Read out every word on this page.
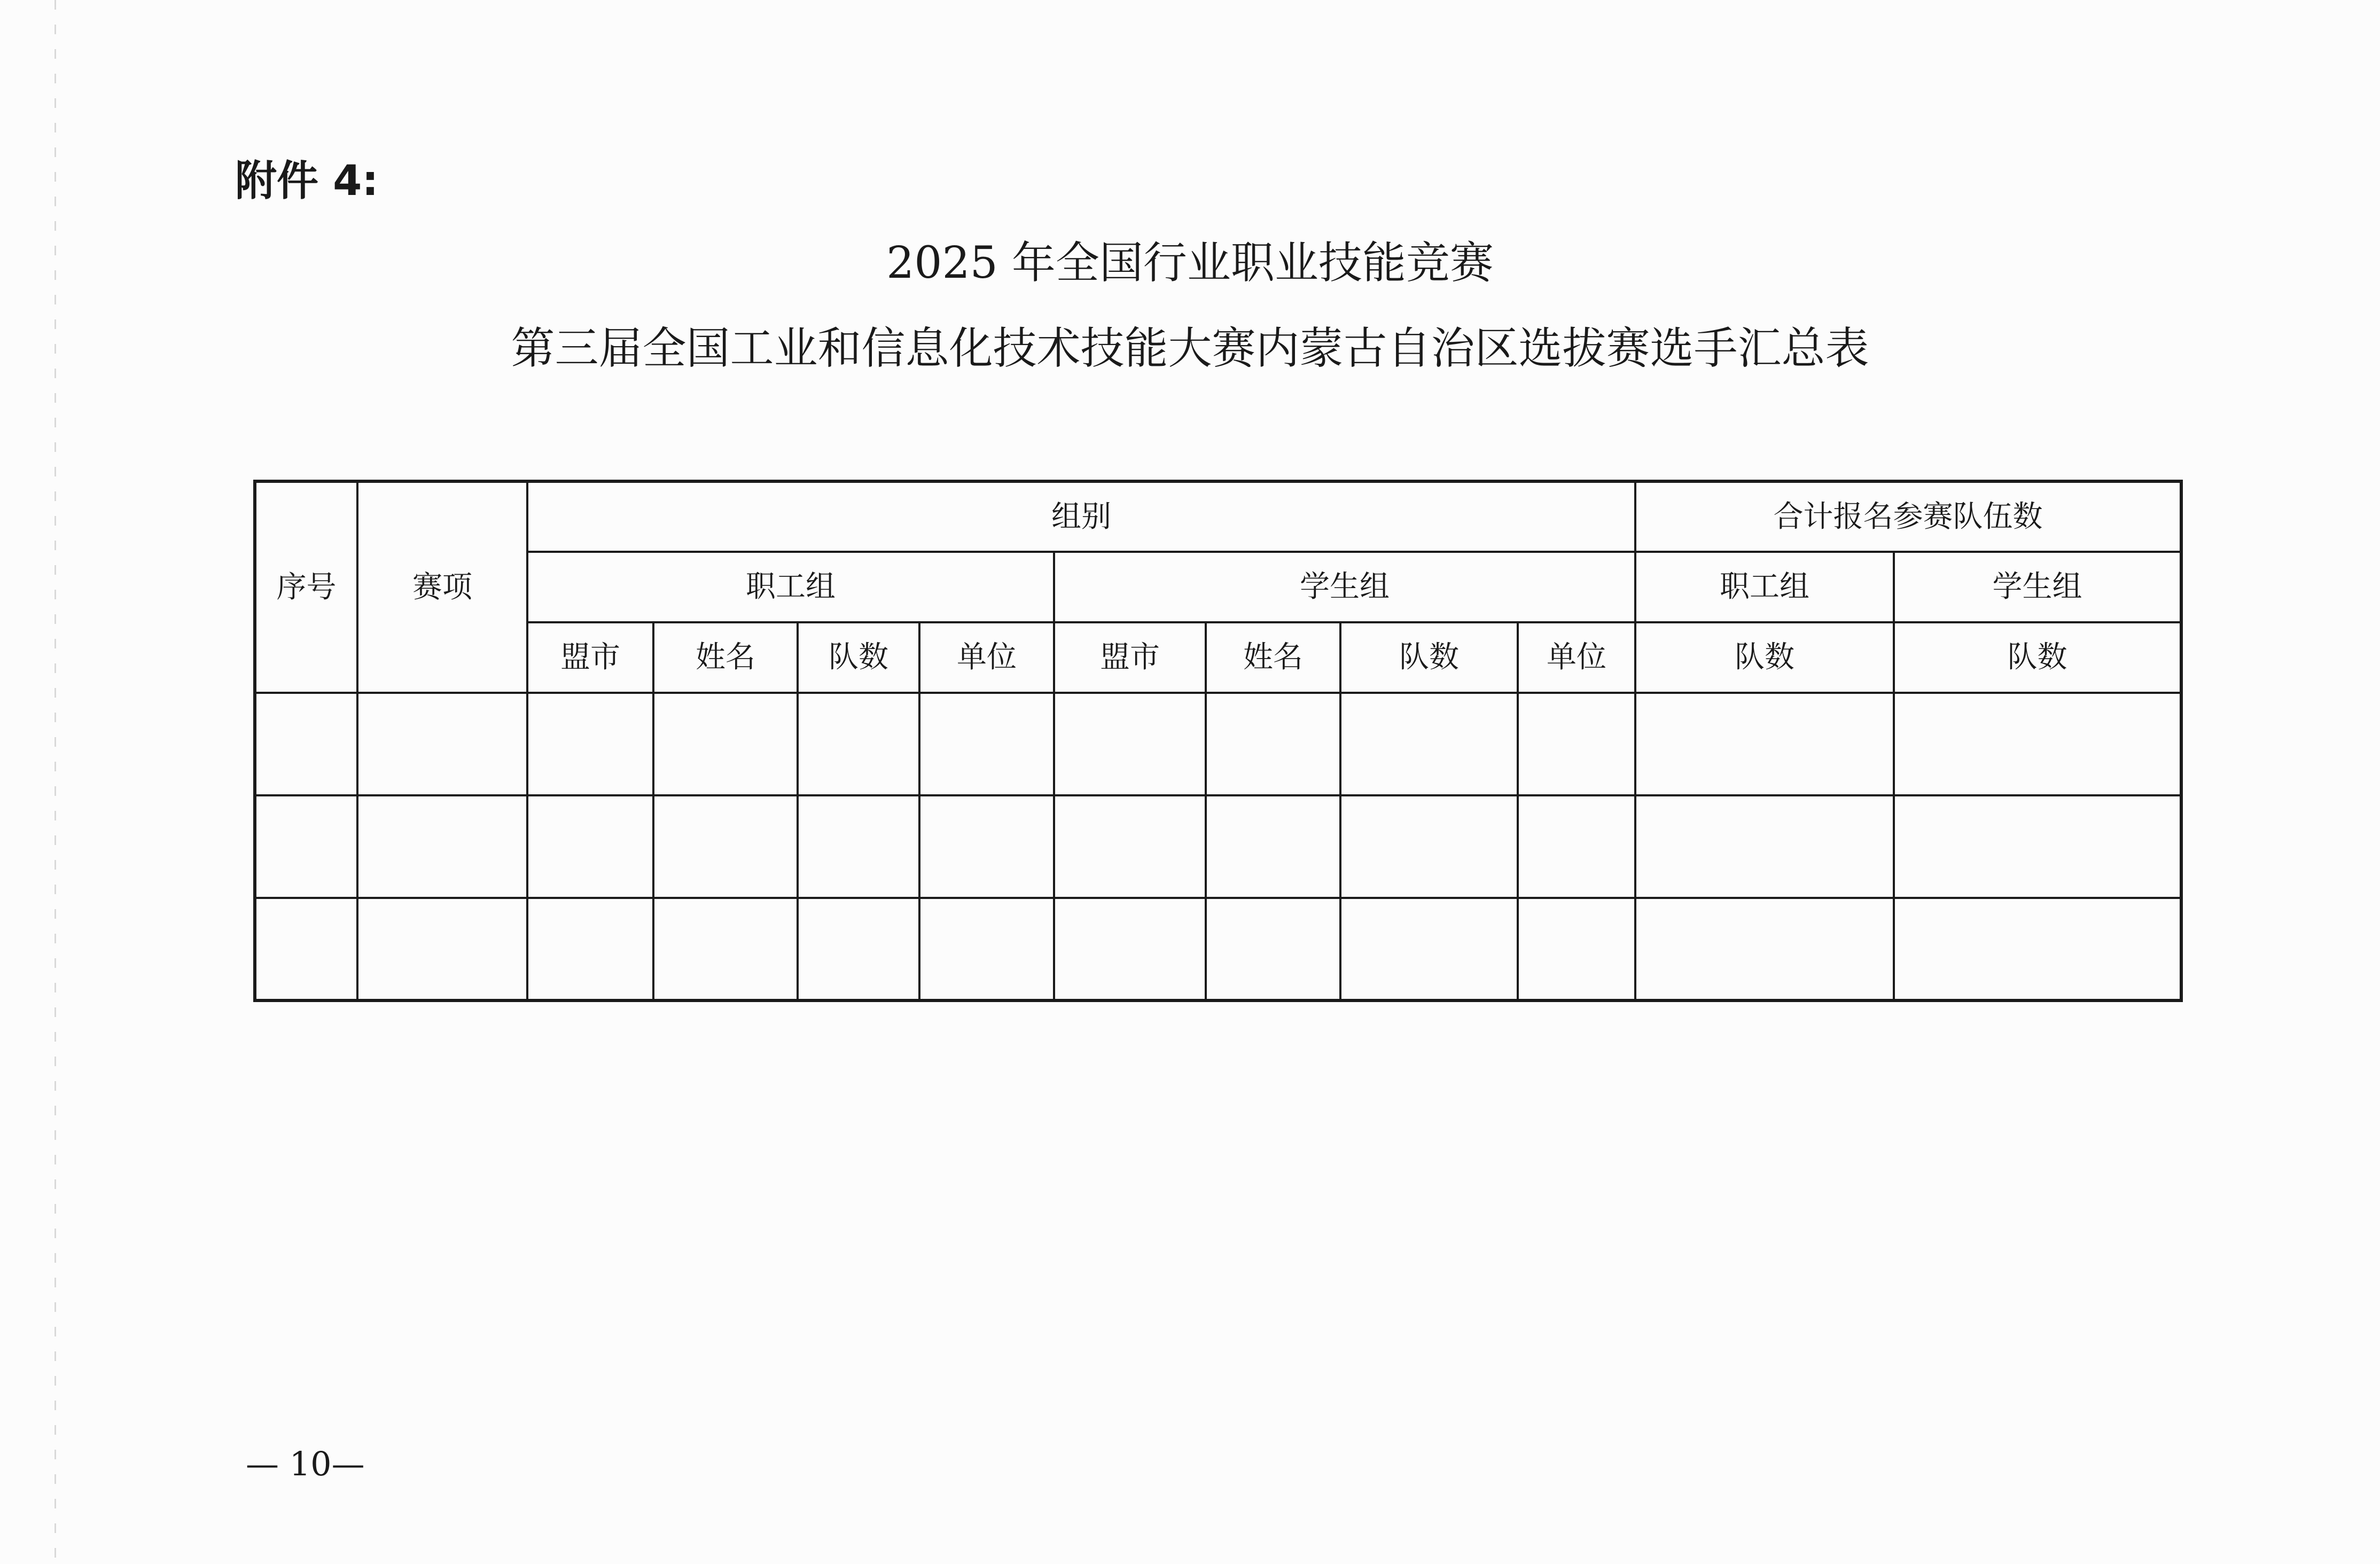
附件 4:
2025 年全国行业职业技能竞赛
第三届全国工业和信息化技术技能大赛内蒙古自治区选拔赛选手汇总表
序号	赛项	组别								合计报名参赛队伍数	
		职工组				学生组				职工组	学生组
		盟市	姓名	队数	单位	盟市	姓名	队数	单位	队数	队数

— 10—
